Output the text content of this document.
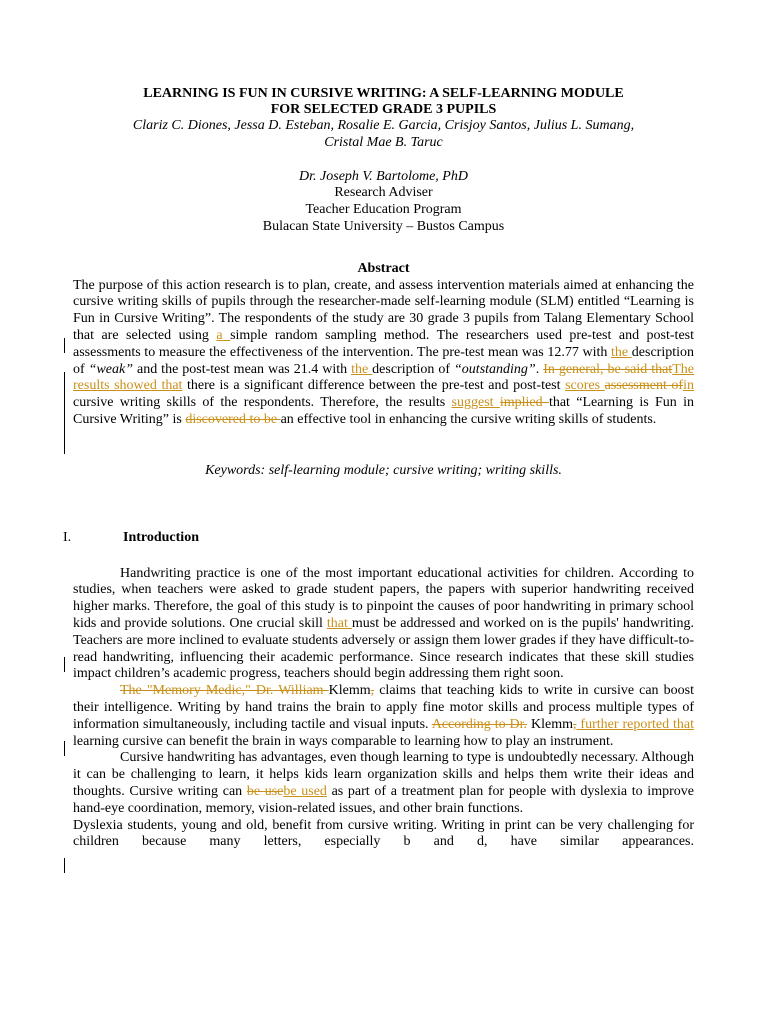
LEARNING IS FUN IN CURSIVE WRITING: A SELF-LEARNING MODULE
FOR SELECTED GRADE 3 PUPILS
Clariz C. Diones, Jessa D. Esteban, Rosalie E. Garcia, Crisjoy Santos, Julius L. Sumang,
Cristal Mae B. Taruc
Dr. Joseph V. Bartolome, PhD
Research Adviser
Teacher Education Program
Bulacan State University – Bustos Campus
Abstract

The purpose of this action research is to plan, create, and assess intervention materials aimed at enhancing the cursive writing skills of pupils through the researcher-made self-learning module (SLM) entitled “Learning is Fun in Cursive Writing”. The respondents of the study are 30 grade 3 pupils from Talang Elementary School that are selected using a simple random sampling method. The researchers used pre-test and post-test assessments to measure the effectiveness of the intervention. The pre-test mean was 12.77 with the description of “weak” and the post-test mean was 21.4 with the description of “outstanding”. In general, be said thatThe results showed that there is a significant difference between the pre-test and post-test scores assessment ofin cursive writing skills of the respondents. Therefore, the results suggest implied that “Learning is Fun in Cursive Writing” is discovered to be an effective tool in enhancing the cursive writing skills of students.

Keywords: self-learning module; cursive writing; writing skills.
I.	Introduction

Handwriting practice is one of the most important educational activities for children. According to studies, when teachers were asked to grade student papers, the papers with superior handwriting received higher marks. Therefore, the goal of this study is to pinpoint the causes of poor handwriting in primary school kids and provide solutions. One crucial skill that must be addressed and worked on is the pupils' handwriting. Teachers are more inclined to evaluate students adversely or assign them lower grades if they have difficult-to-read handwriting, influencing their academic performance. Since research indicates that these skill studies impact children’s academic progress, teachers should begin addressing them right soon.

The "Memory Medic," Dr. William Klemm, claims that teaching kids to write in cursive can boost their intelligence. Writing by hand trains the brain to apply fine motor skills and process multiple types of information simultaneously, including tactile and visual inputs. According to Dr. Klemm, further reported that learning cursive can benefit the brain in ways comparable to learning how to play an instrument.

Cursive handwriting has advantages, even though learning to type is undoubtedly necessary. Although it can be challenging to learn, it helps kids learn organization skills and helps them write their ideas and thoughts. Cursive writing can be usebe used as part of a treatment plan for people with dyslexia to improve hand-eye coordination, memory, vision-related issues, and other brain functions.

Dyslexia students, young and old, benefit from cursive writing. Writing in print can be very challenging for children because many letters, especially b and d, have similar appearances.
